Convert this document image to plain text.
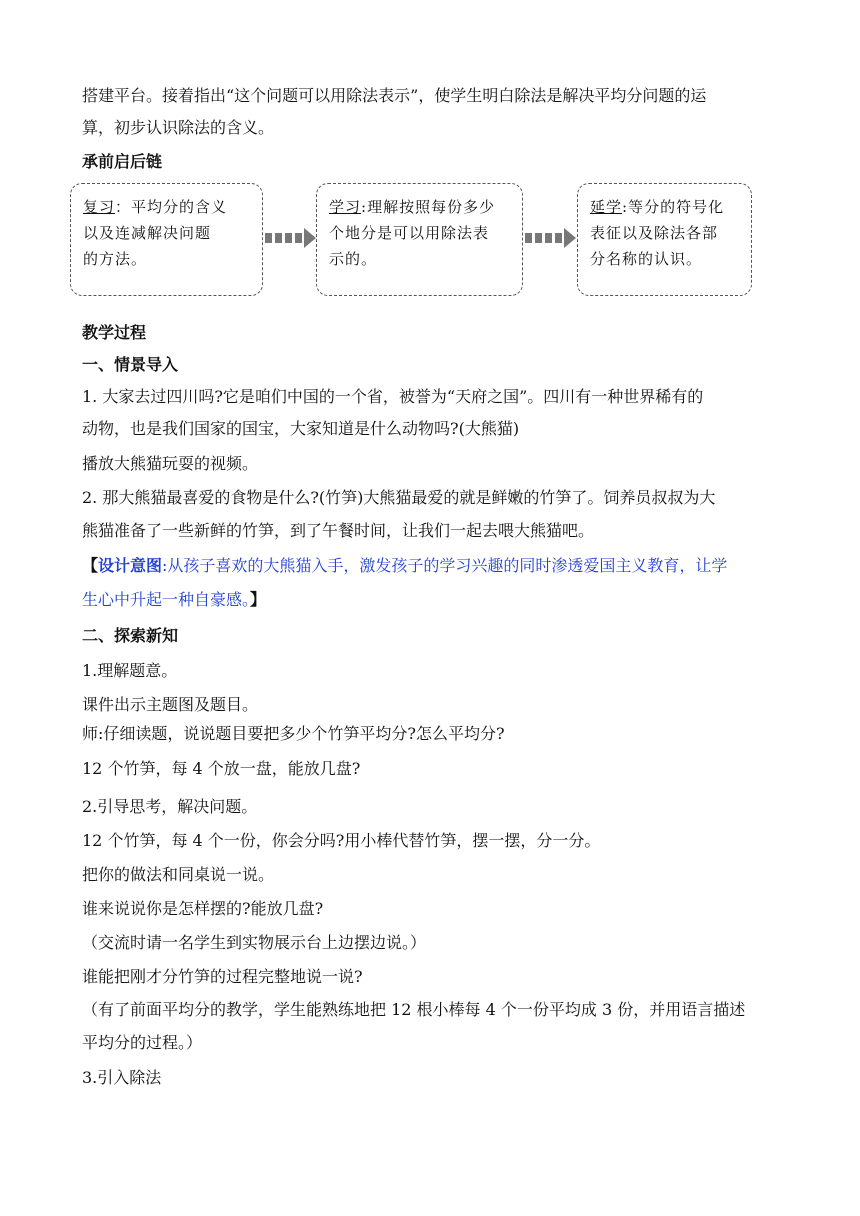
搭建平台。接着指出“这个问题可以用除法表示”，使学生明白除法是解决平均分问题的运
算，初步认识除法的含义。
承前启后链
复习：平均分的含义
以及连减解决问题
的方法。
学习:理解按照每份多少
个地分是可以用除法表
示的。
延学:等分的符号化
表征以及除法各部
分名称的认识。
教学过程
一、情景导入
1. 大家去过四川吗?它是咱们中国的一个省，被誉为“天府之国”。四川有一种世界稀有的
动物，也是我们国家的国宝，大家知道是什么动物吗?(大熊猫)
播放大熊猫玩耍的视频。
2. 那大熊猫最喜爱的食物是什么?(竹笋)大熊猫最爱的就是鲜嫩的竹笋了。饲养员叔叔为大
熊猫准备了一些新鲜的竹笋，到了午餐时间，让我们一起去喂大熊猫吧。
【设计意图:从孩子喜欢的大熊猫入手，激发孩子的学习兴趣的同时渗透爱国主义教育，让学
生心中升起一种自豪感。】
二、探索新知
1.理解题意。
课件出示主题图及题目。
师:仔细读题，说说题目要把多少个竹笋平均分?怎么平均分?
12 个竹笋，每 4 个放一盘，能放几盘?
2.引导思考，解决问题。
12 个竹笋，每 4 个一份，你会分吗?用小棒代替竹笋，摆一摆，分一分。
把你的做法和同桌说一说。
谁来说说你是怎样摆的?能放几盘?
（交流时请一名学生到实物展示台上边摆边说。）
谁能把刚才分竹笋的过程完整地说一说?
（有了前面平均分的教学，学生能熟练地把 12 根小棒每 4 个一份平均成 3 份，并用语言描述
平均分的过程。）
3.引入除法
